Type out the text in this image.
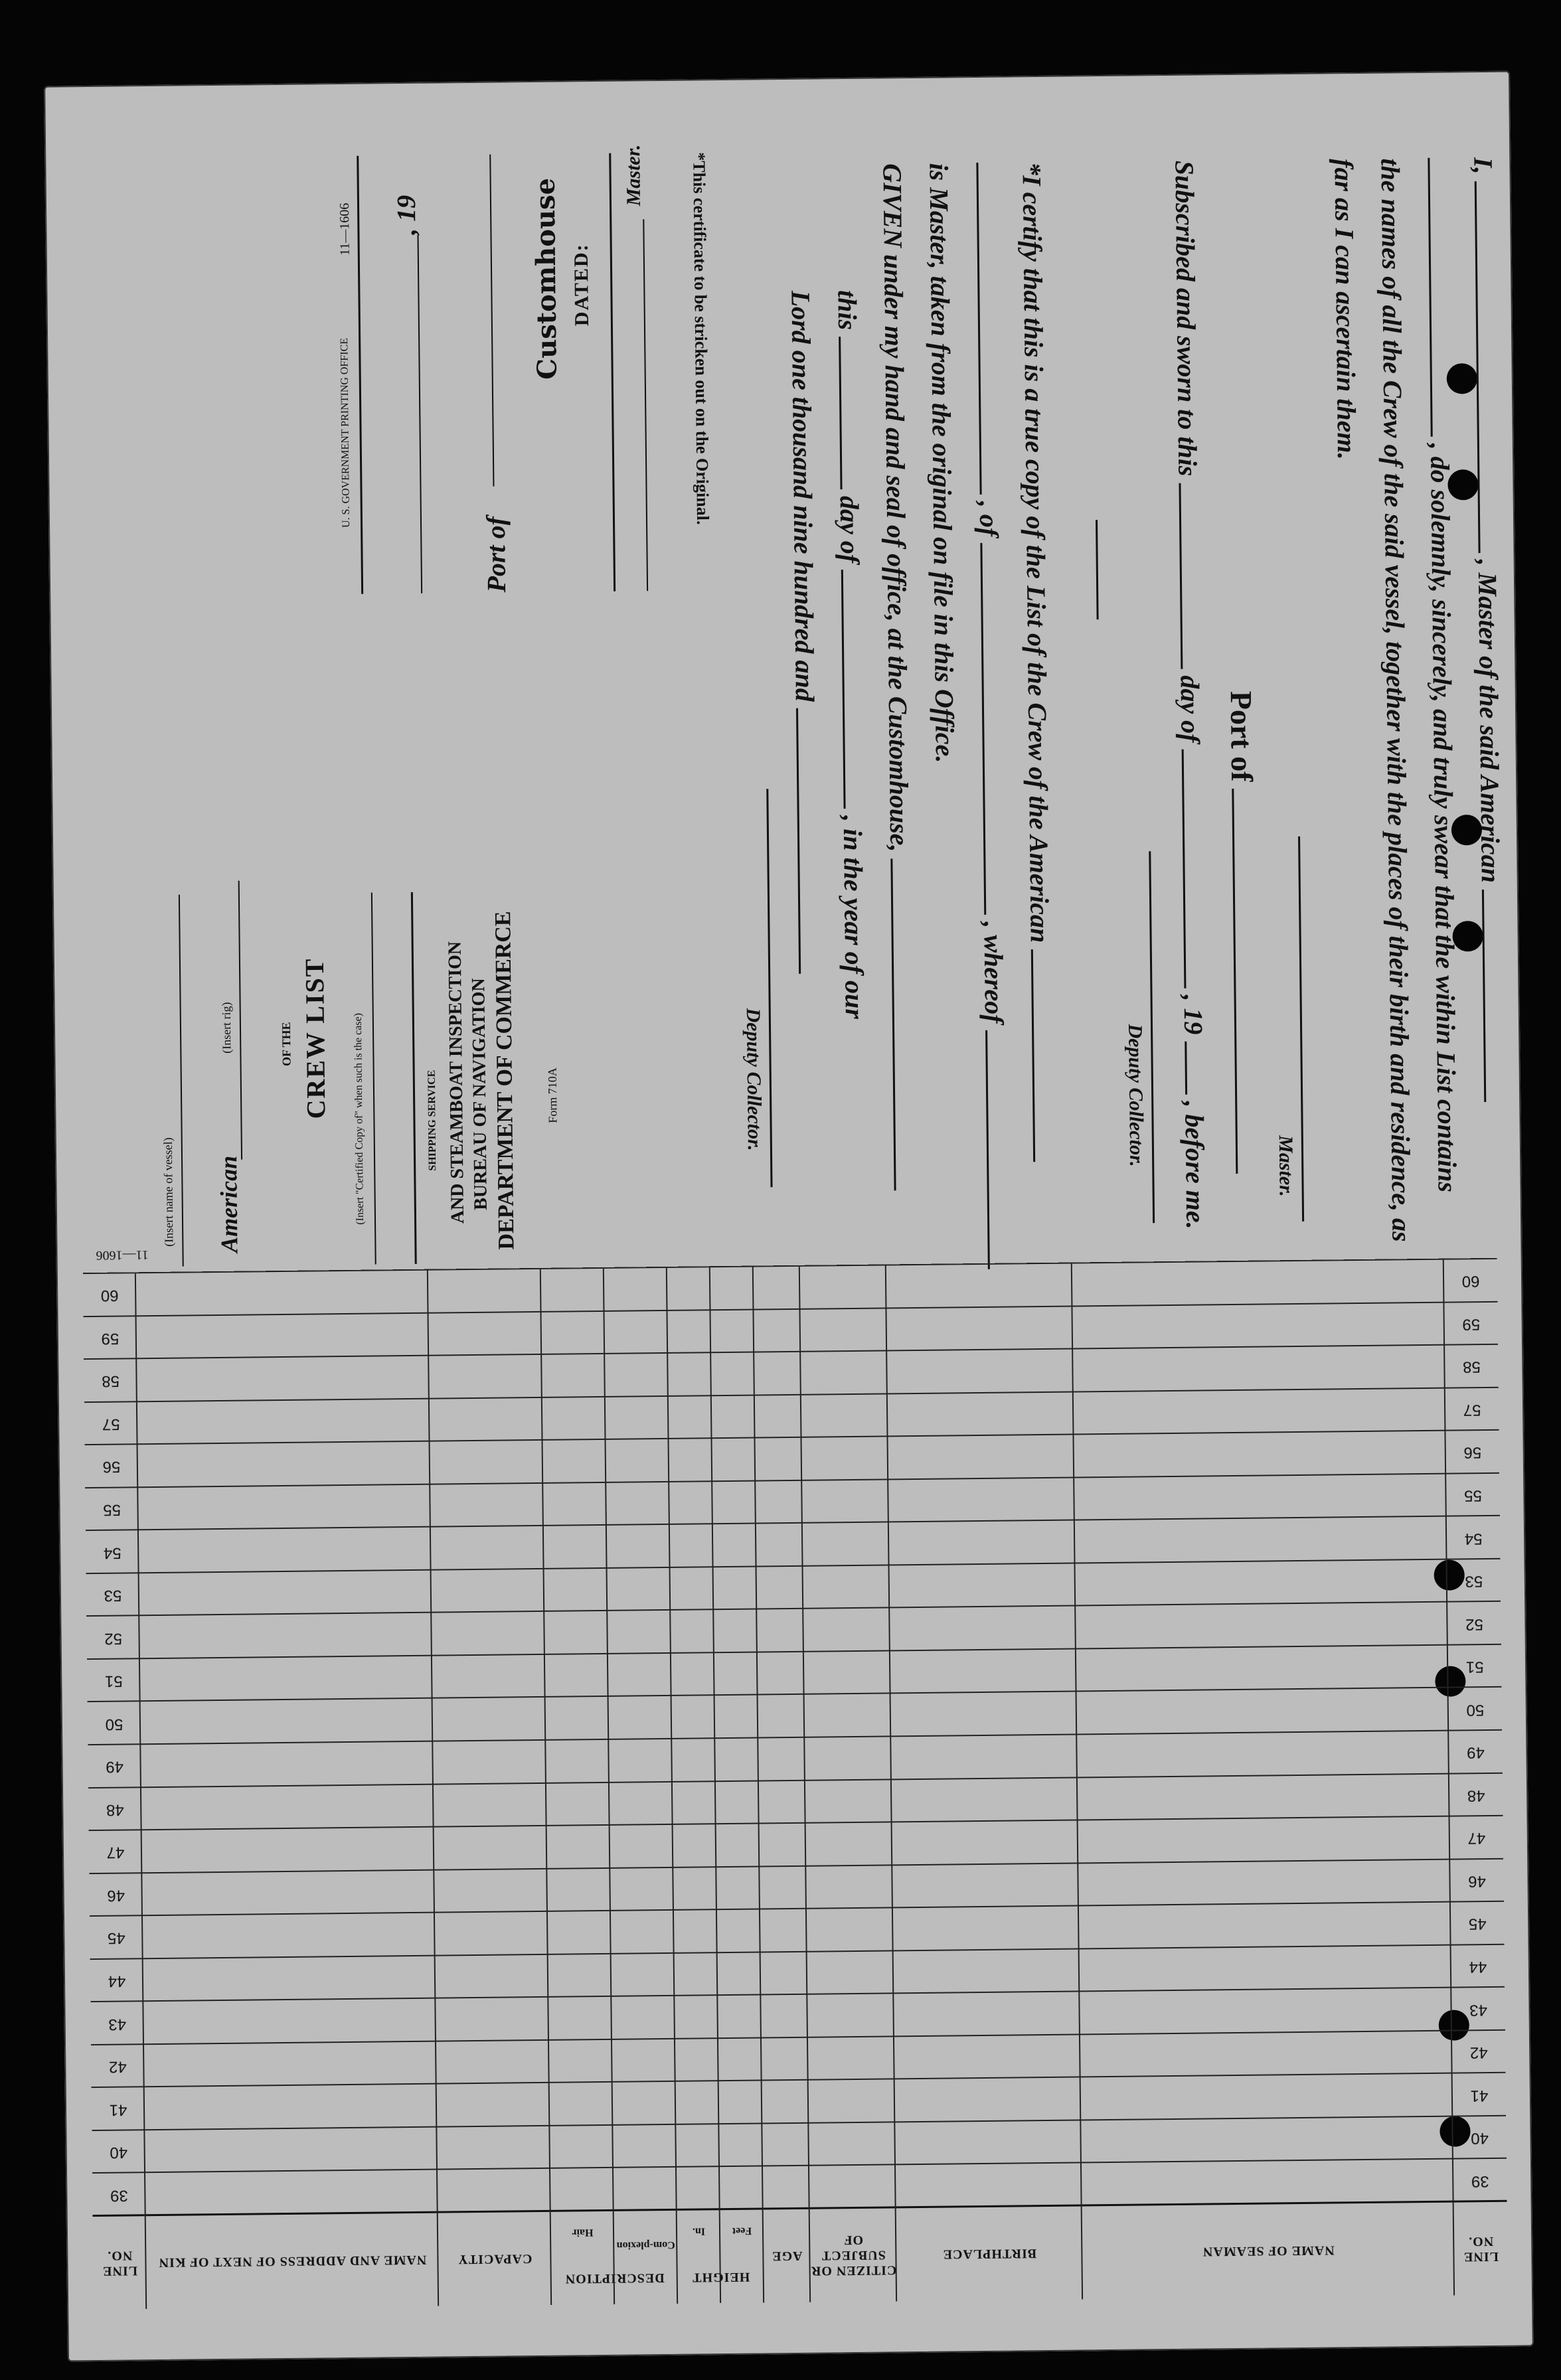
I,  , Master of the said American
, do solemnly, sincerely, and truly swear that the within List contains
the names of all the Crew of the said vessel, together with the places of their birth and residence, as
far as I can ascertain them.
Master.
Port of
Subscribed and sworn to this  day of  , 19  , before me.
Deputy Collector.
*I certify that this is a true copy of the List of the Crew of the American
, of  , whereof
is Master, taken from the original on file in this Office.
GIVEN under my hand and seal of office, at the Customhouse,
this  day of  , in the year of our
Lord one thousand nine hundred and
Deputy Collector.
*This certificate to be stricken out on the Original.
11—1606
U. S. GOVERNMENT PRINTING OFFICE
, 19
Port of
Customhouse DATED:
Master.
(Insert name of vessel)
(Insert rig)
American
OF THE CREW LIST (Insert "Certified Copy of" when such is the case)	SHIPPING SERVICE AND STEAMBOAT INSPECTION BUREAU OF NAVIGATION DEPARTMENT OF COMMERCE Form 710A
11—1606
LINE NO.
NAME OF SEAMAN
BIRTHPLACE
CITIZEN OR SUBJECT OF
AGE
HEIGHT
Feet
In.
DESCRIPTION
Com-plexion
Hair
CAPACITY
NAME AND ADDRESS OF NEXT OF KIN
LINE NO.
39
39
40
40
41
41
42
42
43
43
44
44
45
45
46
46
47
47
48
48
49
49
50
50
51
51
52
52
53
53
54
54
55
55
56
56
57
57
58
58
59
59
60
60
